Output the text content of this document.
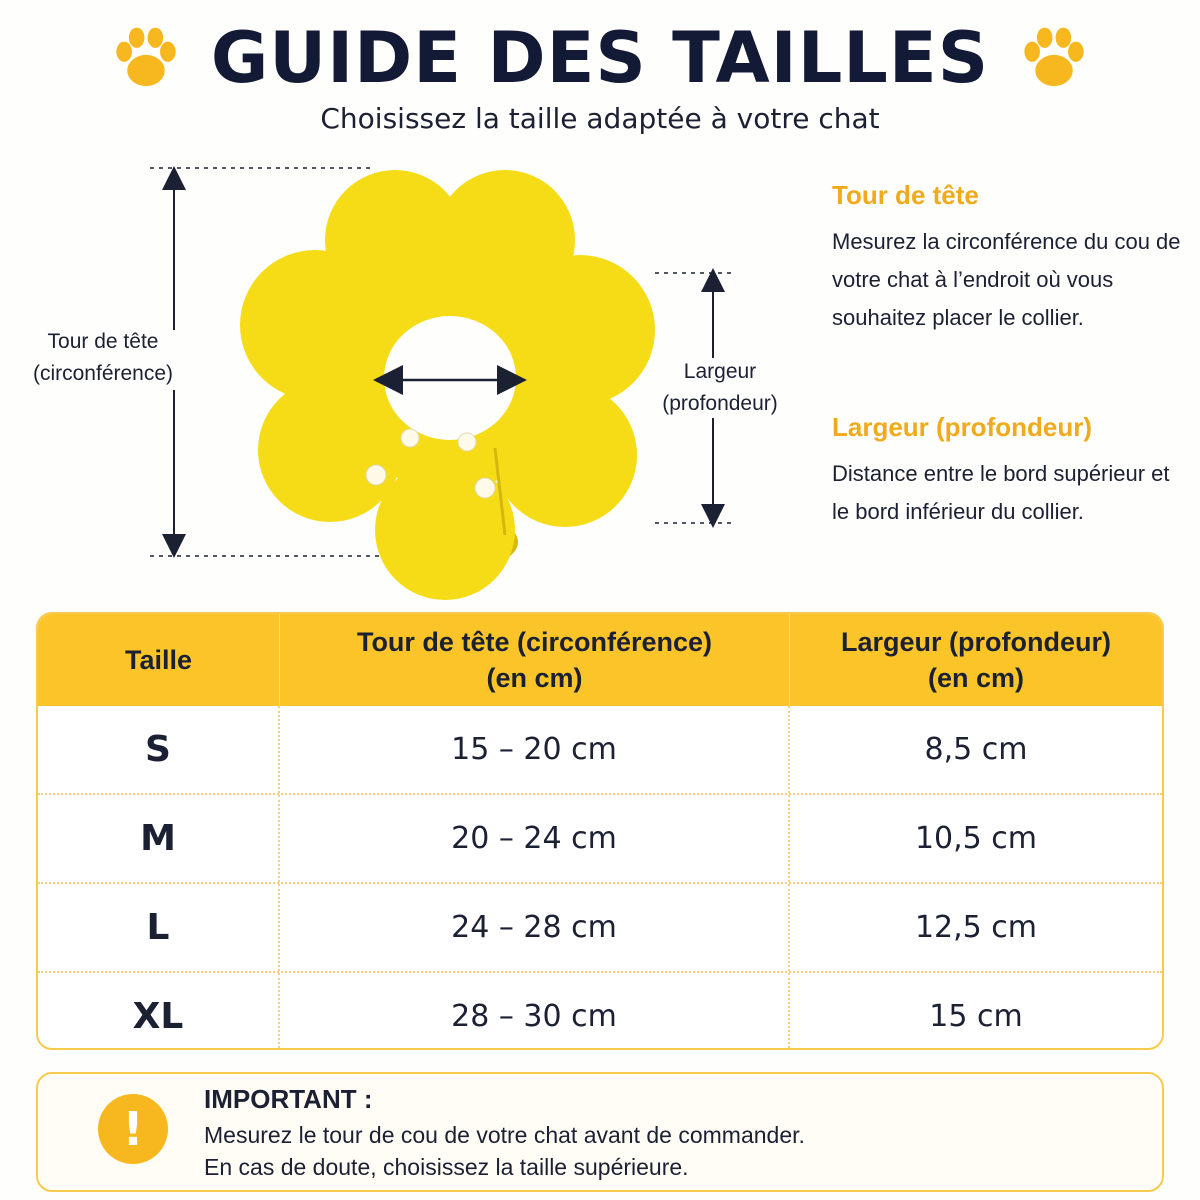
GUIDE DES TAILLES
Choisissez la taille adaptée à votre chat
Tour de tête
(circonférence)	Largeur
(profondeur)
Tour de tête

Mesurez la circonférence du cou de votre chat à l’endroit où vous souhaitez placer le collier.

Largeur (profondeur)

Distance entre le bord supérieur et le bord inférieur du collier.

Taille
Tour de tête (circonférence)
(en cm)
Largeur (profondeur)
(en cm)
S	15 – 20 cm	8,5 cm
M	20 – 24 cm	10,5 cm
L	24 – 28 cm	12,5 cm
XL	28 – 30 cm	15 cm
!
IMPORTANT :
Mesurez le tour de cou de votre chat avant de commander.
En cas de doute, choisissez la taille supérieure.
